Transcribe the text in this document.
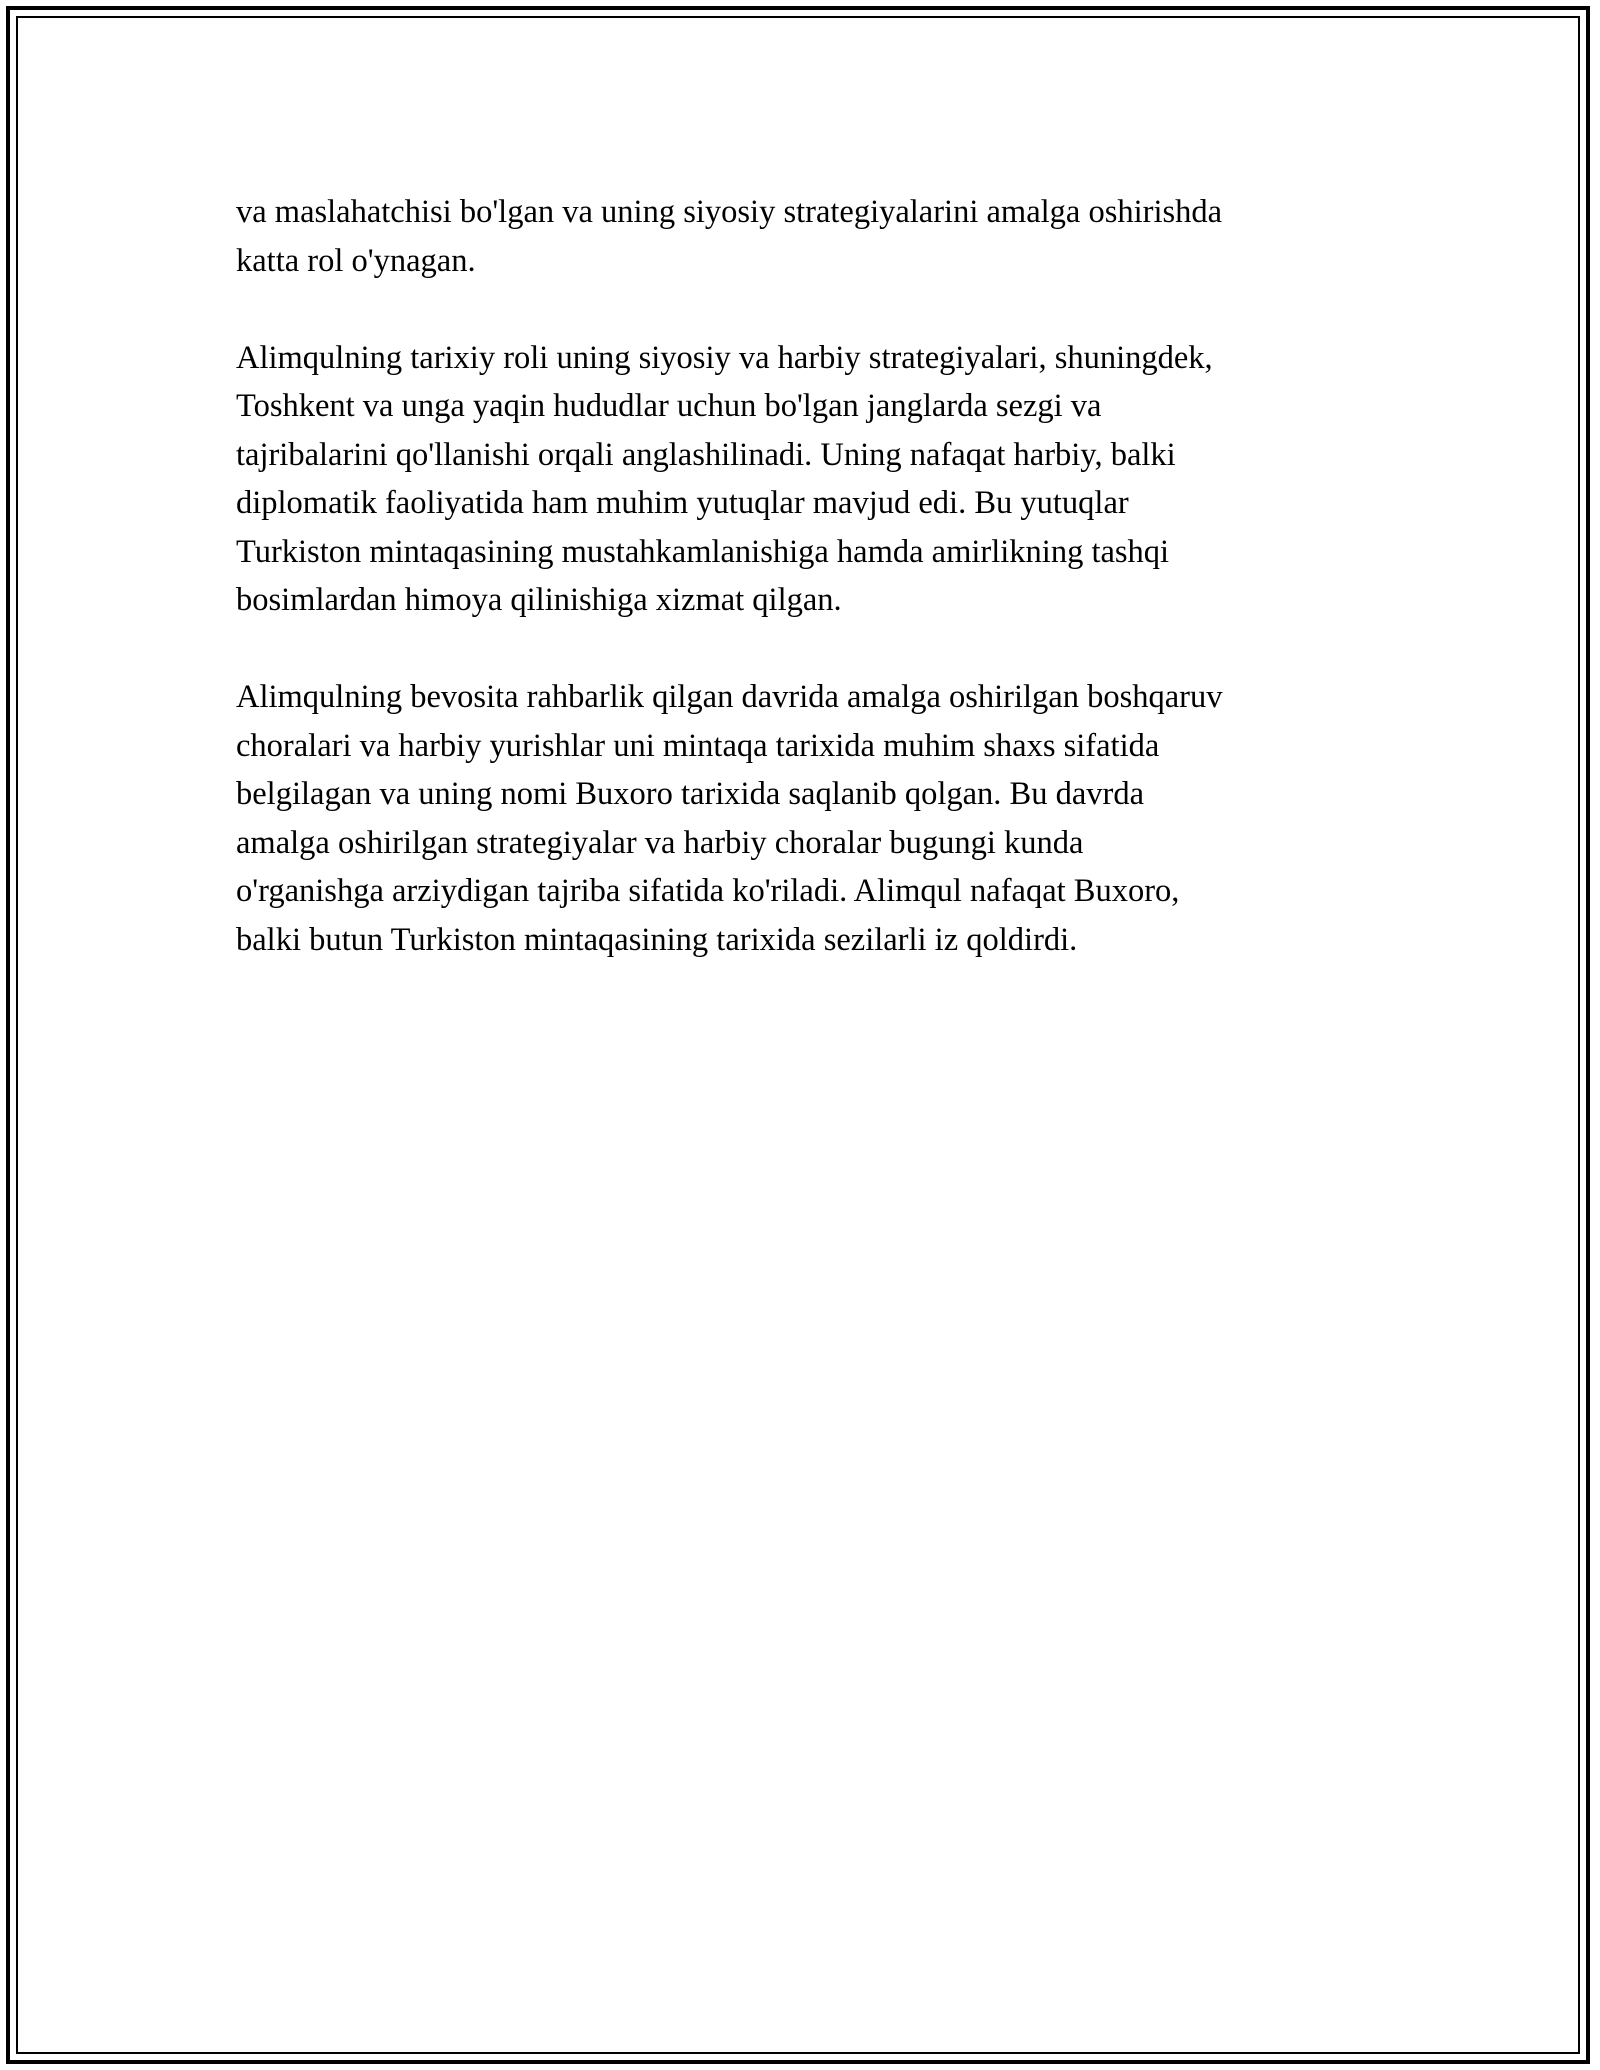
va maslahatchisi bo'lgan va uning siyosiy strategiyalarini amalga oshirishda
katta rol o'ynagan.

Alimqulning tarixiy roli uning siyosiy va harbiy strategiyalari, shuningdek,
Toshkent va unga yaqin hududlar uchun bo'lgan janglarda sezgi va
tajribalarini qo'llanishi orqali anglashilinadi. Uning nafaqat harbiy, balki
diplomatik faoliyatida ham muhim yutuqlar mavjud edi. Bu yutuqlar
Turkiston mintaqasining mustahkamlanishiga hamda amirlikning tashqi
bosimlardan himoya qilinishiga xizmat qilgan.

Alimqulning bevosita rahbarlik qilgan davrida amalga oshirilgan boshqaruv
choralari va harbiy yurishlar uni mintaqa tarixida muhim shaxs sifatida
belgilagan va uning nomi Buxoro tarixida saqlanib qolgan. Bu davrda
amalga oshirilgan strategiyalar va harbiy choralar bugungi kunda
o'rganishga arziydigan tajriba sifatida ko'riladi. Alimqul nafaqat Buxoro,
balki butun Turkiston mintaqasining tarixida sezilarli iz qoldirdi.
